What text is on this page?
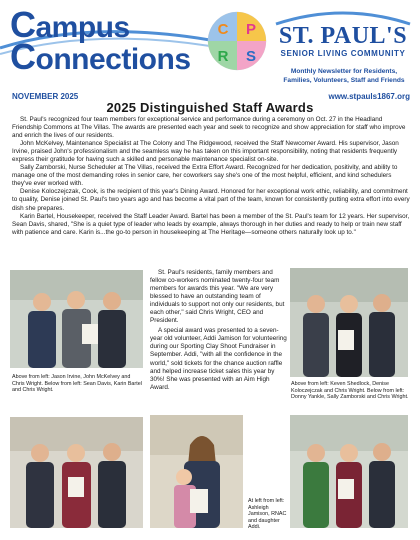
Campus
Connections
C P
R S
ST. PAUL'S
SENIOR LIVING COMMUNITY
Monthly Newsletter for Residents,
Families, Volunteers, Staff and Friends
NOVEMBER 2025	www.stpauls1867.org
2025 Distinguished Staff Awards

St. Paul's recognized four team members for exceptional service and performance during a ceremony on Oct. 27 in the Headland Friendship Commons at The Villas. The awards are presented each year and seek to recognize and show appreciation for staff who improve and enrich the lives of our residents.

John McKelvey, Maintenance Specialist at The Colony and The Ridgewood, received the Staff Newcomer Award. His supervisor, Jason Irvine, praised John's professionalism and the seamless way he has taken on this important responsibility, noting that residents frequently express their gratitude for having such a skilled and personable maintenance specialist on-site.

Sally Zamborski, Nurse Scheduler at The Villas, received the Extra Effort Award. Recognized for her dedication, positivity, and ability to manage one of the most demanding roles in senior care, her coworkers say she's one of the most helpful, efficient, and kind schedulers they've ever worked with.

Denise Koloczejczak, Cook, is the recipient of this year's Dining Award. Honored for her exceptional work ethic, reliability, and commitment to quality, Denise joined St. Paul's two years ago and has become a vital part of the team, known for consistently putting extra effort into every dish she prepares.

Karin Bartel, Housekeeper, received the Staff Leader Award. Bartel has been a member of the St. Paul's team for 12 years. Her supervisor, Sean Davis, shared, "She is a quiet type of leader who leads by example, always thorough in her duties and ready to help or train new staff with patience and care. Karin is...the go-to person in housekeeping at The Heritage—someone others naturally look up to."

St. Paul's residents, family members and fellow co-workers nominated twenty-four team members for awards this year. "We are very blessed to have an outstanding team of individuals to support not only our residents, but each other," said Chris Wright, CEO and President.

A special award was presented to a seven-year old volunteer, Addi Jamison for volunteering during our Sporting Clay Shoot Fundraiser in September. Addi, "with all the confidence in the world," sold tickets for the chance auction raffle and helped increase ticket sales this year by 30%! She was presented with an Aim High Award.

Above from left: Jason Irvine, John McKelvey and Chris Wright. Below from left: Sean Davis, Karin Bartel and Chris Wright.
Above from left: Keven Shedlock, Denise Koloczejczak and Chris Wright. Below from left: Donny Yankle, Sally Zamborski and Chris Wright.
At left from left: Ashleigh Jamison, RNAC and daughter Addi.
